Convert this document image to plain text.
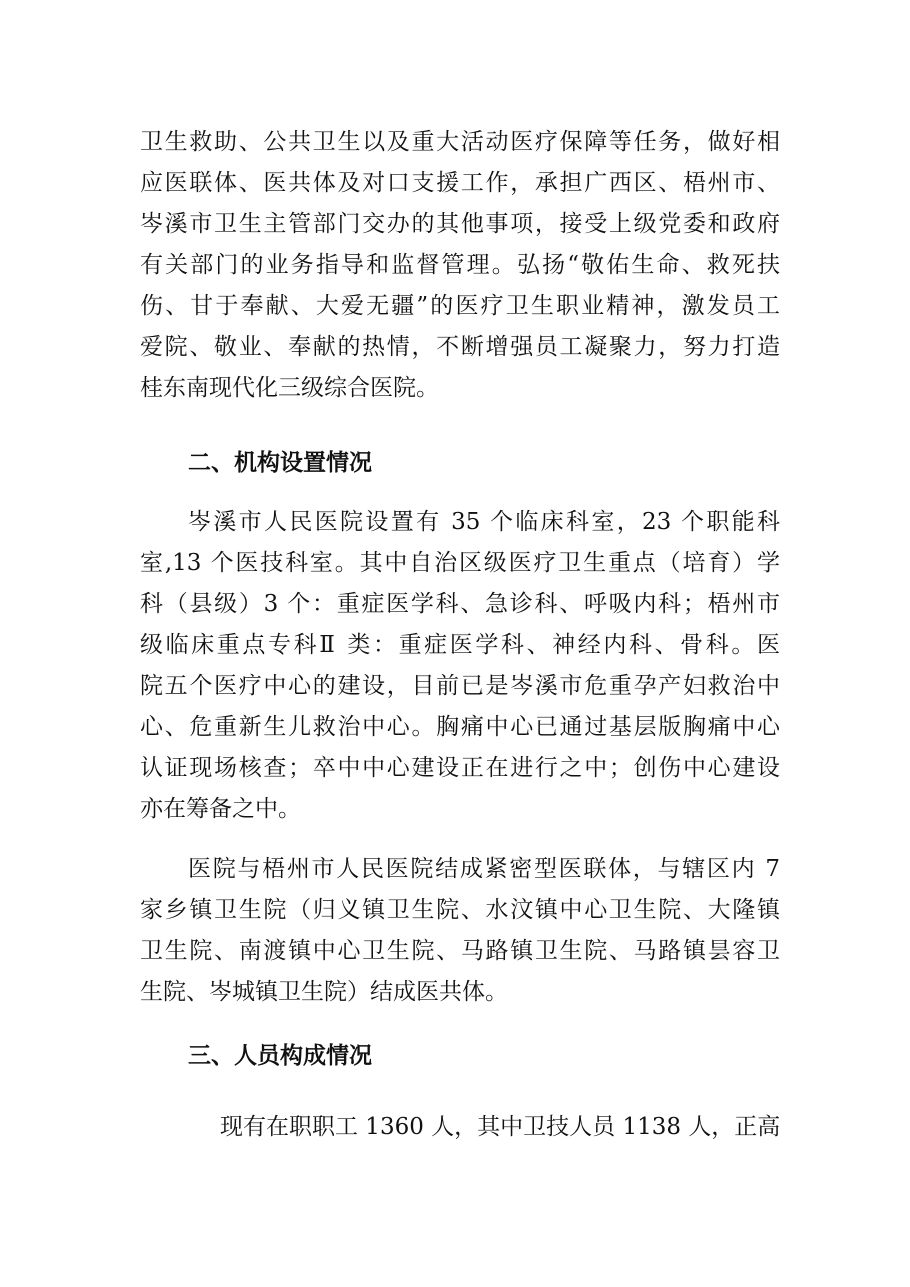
卫生救助、公共卫生以及重大活动医疗保障等任务，做好相
应医联体、医共体及对口支援工作，承担广西区、梧州市、
岑溪市卫生主管部门交办的其他事项，接受上级党委和政府
有关部门的业务指导和监督管理。弘扬“敬佑生命、救死扶
伤、甘于奉献、大爱无疆”的医疗卫生职业精神，激发员工
爱院、敬业、奉献的热情，不断增强员工凝聚力，努力打造
桂东南现代化三级综合医院。
二、机构设置情况
岑溪市人民医院设置有 35 个临床科室，23 个职能科
室,13 个医技科室。其中自治区级医疗卫生重点（培育）学
科（县级）3 个：重症医学科、急诊科、呼吸内科；梧州市
级临床重点专科Ⅱ 类：重症医学科、神经内科、骨科。医
院五个医疗中心的建设，目前已是岑溪市危重孕产妇救治中
心、危重新生儿救治中心。胸痛中心已通过基层版胸痛中心
认证现场核查；卒中中心建设正在进行之中；创伤中心建设
亦在筹备之中。
医院与梧州市人民医院结成紧密型医联体，与辖区内 7
家乡镇卫生院（归义镇卫生院、水汶镇中心卫生院、大隆镇
卫生院、南渡镇中心卫生院、马路镇卫生院、马路镇昙容卫
生院、岑城镇卫生院）结成医共体。
三、人员构成情况
现有在职职工 1360 人，其中卫技人员 1138 人，正高
